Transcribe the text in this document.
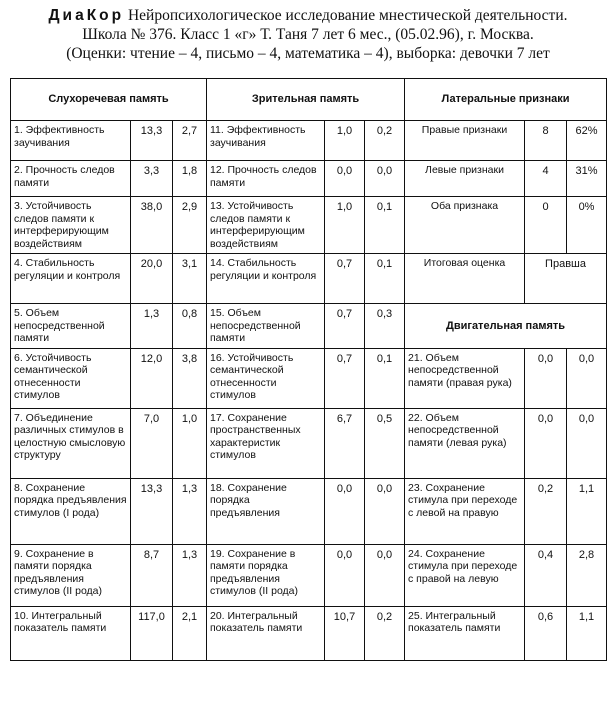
ДиаКор Нейропсихологическое исследование мнестической деятельности.
Школа № 376. Класс 1 «г» Т. Таня 7 лет 6 мес., (05.02.96), г. Москва.
(Оценки: чтение – 4, письмо – 4, математика – 4), выборка: девочки 7 лет
Слухоречевая память			Зрительная память			Латеральные признаки		
1. Эффективность заучивания	13,3	2,7	11. Эффективность заучивания	1,0	0,2	Правые признаки	8	62%
2. Прочность следов памяти	3,3	1,8	12. Прочность следов памяти	0,0	0,0	Левые признаки	4	31%
3. Устойчивость следов памяти к интерферирующим воздействиям	38,0	2,9	13. Устойчивость следов памяти к интерферирующим воздействиям	1,0	0,1	Оба признака	0	0%
4. Стабильность регуляции и контроля	20,0	3,1	14. Стабильность регуляции и контроля	0,7	0,1	Итоговая оценка	Правша	
5. Объем непосредственной памяти	1,3	0,8	15. Объем непосредственной памяти	0,7	0,3	Двигательная память		
6. Устойчивость семантической отнесенности стимулов	12,0	3,8	16. Устойчивость семантической отнесенности стимулов	0,7	0,1	21. Объем непосредственной памяти (правая рука)	0,0	0,0
7. Объединение различных стимулов в целостную смысловую структуру	7,0	1,0	17. Сохранение пространственных характеристик стимулов	6,7	0,5	22. Объем непосредственной памяти (левая рука)	0,0	0,0
8. Сохранение порядка предъявления стимулов (I рода)	13,3	1,3	18. Сохранение порядка предъявления	0,0	0,0	23. Сохранение стимула при переходе с левой на правую	0,2	1,1
9. Сохранение в памяти порядка предъявления стимулов (II рода)	8,7	1,3	19. Сохранение в памяти порядка предъявления стимулов (II рода)	0,0	0,0	24. Сохранение стимула при переходе с правой на левую	0,4	2,8
10. Интегральный показатель памяти	117,0	2,1	20. Интегральный показатель памяти	10,7	0,2	25. Интегральный показатель памяти	0,6	1,1
